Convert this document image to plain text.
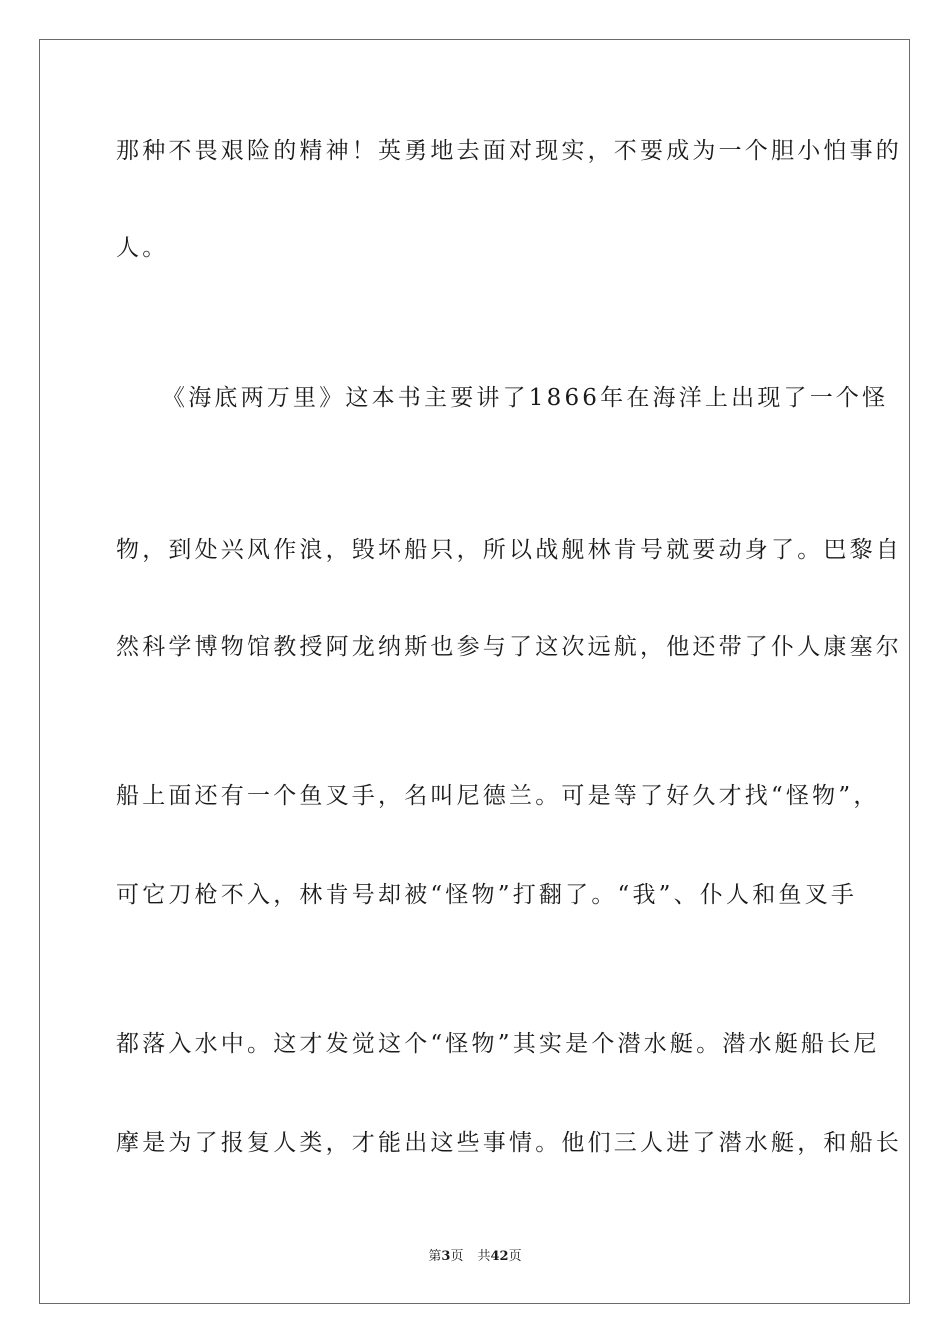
那种不畏艰险的精神！英勇地去面对现实，不要成为一个胆小怕事的

人。

《海底两万里》这本书主要讲了1866年在海洋上出现了一个怪

物，到处兴风作浪，毁坏船只，所以战舰林肯号就要动身了。巴黎自

然科学博物馆教授阿龙纳斯也参与了这次远航，他还带了仆人康塞尔

船上面还有一个鱼叉手，名叫尼德兰。可是等了好久才找“怪物”，

可它刀枪不入，林肯号却被“怪物”打翻了。“我”、仆人和鱼叉手

都落入水中。这才发觉这个“怪物”其实是个潜水艇。潜水艇船长尼

摩是为了报复人类，才能出这些事情。他们三人进了潜水艇，和船长

第3页 共42页
